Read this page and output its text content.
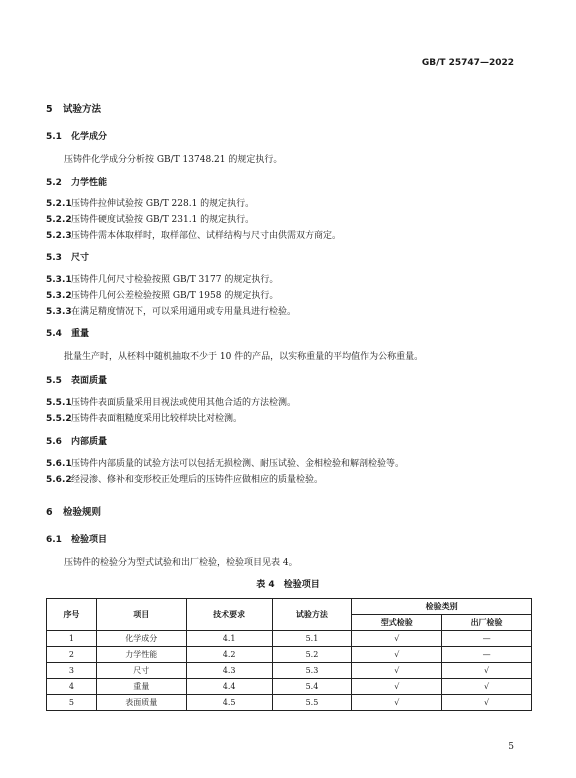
GB/T 25747—2022
5 试验方法
5.1 化学成分
压铸件化学成分分析按 GB/T 13748.21 的规定执行。
5.2 力学性能
5.2.1压铸件拉伸试验按 GB/T 228.1 的规定执行。
5.2.2压铸件硬度试验按 GB/T 231.1 的规定执行。
5.2.3压铸件需本体取样时，取样部位、试样结构与尺寸由供需双方商定。
5.3 尺寸
5.3.1压铸件几何尺寸检验按照 GB/T 3177 的规定执行。
5.3.2压铸件几何公差检验按照 GB/T 1958 的规定执行。
5.3.3在满足精度情况下，可以采用通用或专用量具进行检验。
5.4 重量
批量生产时，从柸料中随机抽取不少于 10 件的产品，以实称重量的平均值作为公称重量。
5.5 表面质量
5.5.1压铸件表面质量采用目视法或使用其他合适的方法检测。
5.5.2压铸件表面粗糙度采用比较样块比对检测。
5.6 内部质量
5.6.1压铸件内部质量的试验方法可以包括无损检测、耐压试验、金相检验和解剖检验等。
5.6.2经浸渗、修补和变形校正处理后的压铸件应做相应的质量检验。
6 检验规则
6.1 检验项目
压铸件的检验分为型式试验和出厂检验，检验项目见表 4。
表 4　检验项目
序号	项目	技术要求	试验方法	检验类别	
				型式检验	出厂检验
1	化学成分	4.1	5.1	√	—
2	力学性能	4.2	5.2	√	—
3	尺寸	4.3	5.3	√	√
4	重量	4.4	5.4	√	√
5	表面质量	4.5	5.5	√	√
5
